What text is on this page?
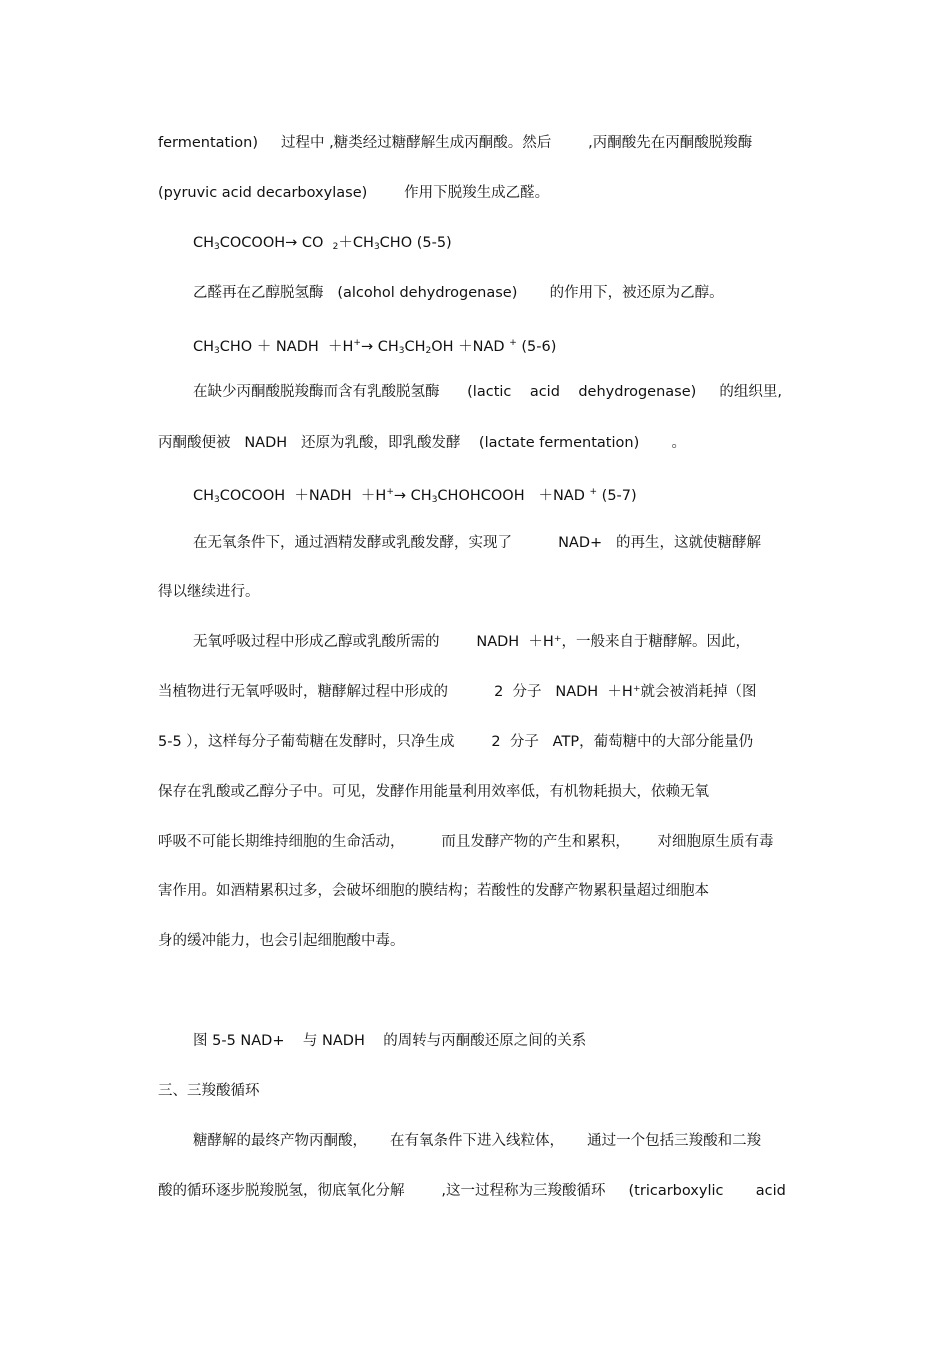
fermentation)     过程中 ,糖类经过糖酵解生成丙酮酸。然后        ,丙酮酸先在丙酮酸脱羧酶
(pyruvic acid decarboxylase)        作用下脱羧生成乙醛。
$CH_3COCOOH\to$ CO  $_2+CH_3CHO$ (5-5)
乙醛再在乙醇脱氢酶   (alcohol dehydrogenase)       的作用下，被还原为乙醇。
$CH_3CHO$ ＋ NADH  $+H^+\to CH_3CH_2OH +NAD$ + (5-6)
在缺少丙酮酸脱羧酶而含有乳酸脱氢酶      (lactic    acid    dehydrogenase)     的组织里,
丙酮酸便被   NADH   还原为乳酸，即乳酸发酵    (lactate fermentation)       。
$CH_3COCOOH$  ＋NADH  $+H^+\to CH_3CHOHCOOH +NAD$ + (5-7)
在无氧条件下，通过酒精发酵或乳酸发酵，实现了          NAD+   的再生，这就使糖酵解
得以继续进行。
无氧呼吸过程中形成乙醇或乳酸所需的        NADH  ＋H⁺，一般来自于糖酵解。因此，
当植物进行无氧呼吸时，糖酵解过程中形成的          2  分子   NADH  ＋H⁺就会被消耗掉（图
5-5 ），这样每分子葡萄糖在发酵时，只净生成        2  分子   ATP，葡萄糖中的大部分能量仍
保存在乳酸或乙醇分子中。可见，发酵作用能量利用效率低，有机物耗损大，依赖无氧
呼吸不可能长期维持细胞的生命活动，        而且发酵产物的产生和累积，      对细胞原生质有毒
害作用。如酒精累积过多，会破坏细胞的膜结构；若酸性的发酵产物累积量超过细胞本
身的缓冲能力，也会引起细胞酸中毒。
图 5-5 NAD+    与 NADH    的周转与丙酮酸还原之间的关系
三、三羧酸循环
糖酵解的最终产物丙酮酸，     在有氧条件下进入线粒体，     通过一个包括三羧酸和二羧
酸的循环逐步脱羧脱氢，彻底氧化分解        ,这一过程称为三羧酸循环     (tricarboxylic       acid
